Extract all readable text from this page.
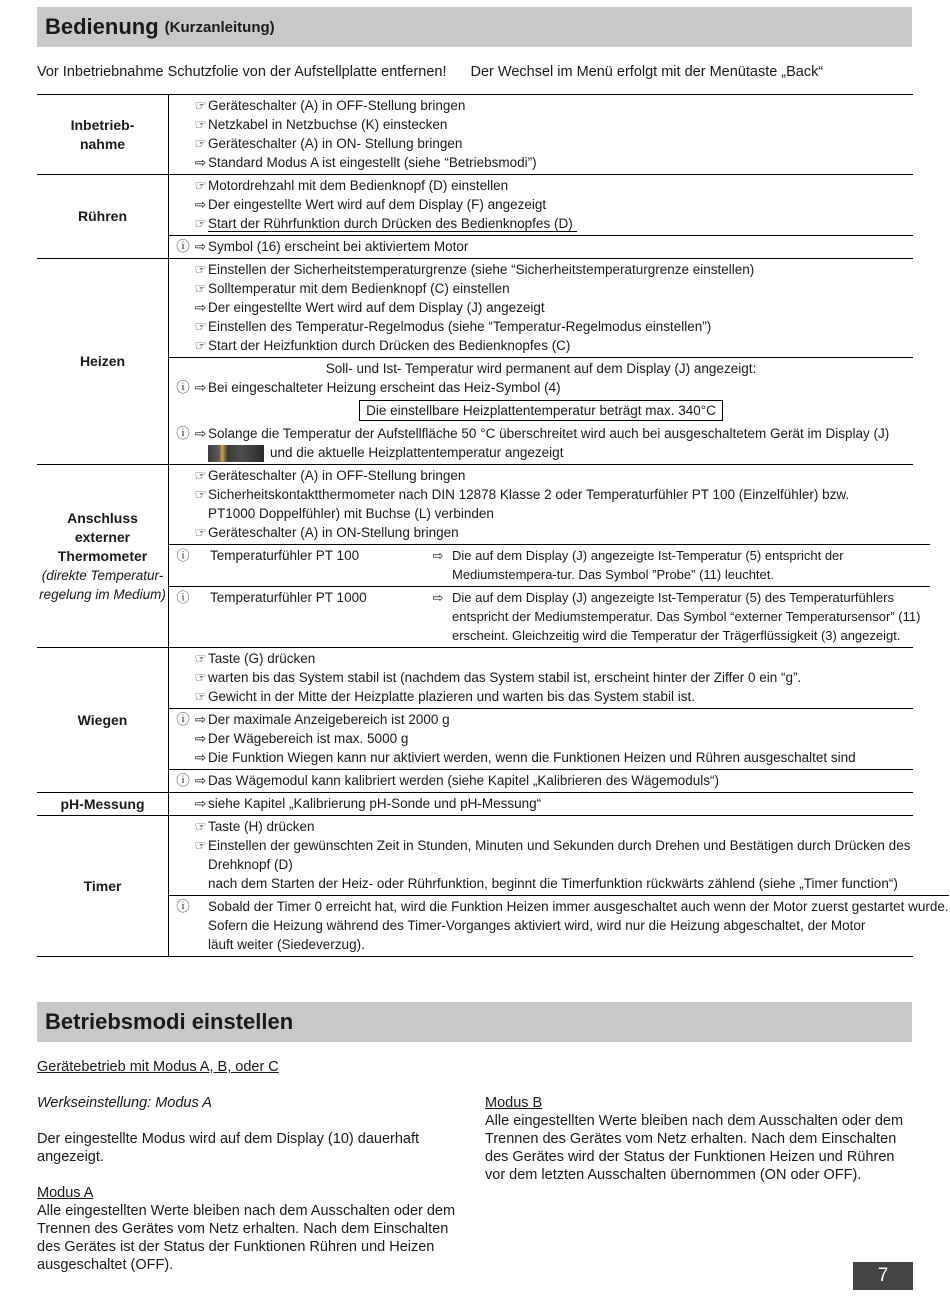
Bedienung (Kurzanleitung)
Vor Inbetriebnahme Schutzfolie von der Aufstellplatte entfernen! Der Wechsel im Menü erfolgt mit der Menütaste „Back“
Inbetrieb-
nahme
☞ Geräteschalter (A) in OFF-Stellung bringen
☞ Netzkabel in Netzbuchse (K) einstecken
☞ Geräteschalter (A) in ON- Stellung bringen
⇨ Standard Modus A ist eingestellt (siehe “Betriebsmodi”)
Rühren
☞ Motordrehzahl mit dem Bedienknopf (D) einstellen
⇨ Der eingestellte Wert wird auf dem Display (F) angezeigt
☞ Start der Rührfunktion durch Drücken des Bedienknopfes (D)
ⓘ ⇨ Symbol (16) erscheint bei aktiviertem Motor
Heizen
☞ Einstellen der Sicherheitstemperaturgrenze (siehe “Sicherheitstemperaturgrenze einstellen)
☞ Solltemperatur mit dem Bedienknopf (C) einstellen
⇨ Der eingestellte Wert wird auf dem Display (J) angezeigt
☞ Einstellen des Temperatur-Regelmodus (siehe “Temperatur-Regelmodus einstellen”)
☞ Start der Heizfunktion durch Drücken des Bedienknopfes (C)
Soll- und Ist- Temperatur wird permanent auf dem Display (J) angezeigt:
ⓘ ⇨ Bei eingeschalteter Heizung erscheint das Heiz-Symbol (4)
Die einstellbare Heizplattentemperatur beträgt max. 340°C
ⓘ ⇨ Solange die Temperatur der Aufstellfläche 50 °C überschreitet wird auch bei ausgeschaltetem Gerät im Display (J)
und die aktuelle Heizplattentemperatur angezeigt
Anschluss
externer
Thermometer
(direkte Temperatur-
regelung im Medium)
☞ Geräteschalter (A) in OFF-Stellung bringen
☞ Sicherheitskontaktthermometer nach DIN 12878 Klasse 2 oder Temperaturfühler PT 100 (Einzelfühler) bzw.
PT1000 Doppelfühler) mit Buchse (L) verbinden
☞ Geräteschalter (A) in ON-Stellung bringen
ⓘ Temperaturfühler PT 100	⇨ Die auf dem Display (J) angezeigte Ist-Temperatur (5) entspricht der Mediumstempera-tur. Das Symbol ”Probe” (11) leuchtet.
ⓘ Temperaturfühler PT 1000	⇨ Die auf dem Display (J) angezeigte Ist-Temperatur (5) des Temperaturfühlers entspricht der Mediumstemperatur. Das Symbol “externer Temperatursensor” (11) erscheint. Gleichzeitig wird die Temperatur der Trägerflüssigkeit (3) angezeigt.
Wiegen
☞ Taste (G) drücken
☞ warten bis das System stabil ist (nachdem das System stabil ist, erscheint hinter der Ziffer 0 ein “g”.
☞ Gewicht in der Mitte der Heizplatte plazieren und warten bis das System stabil ist.
ⓘ ⇨ Der maximale Anzeigebereich ist 2000 g
⇨ Der Wägebereich ist max. 5000 g
⇨ Die Funktion Wiegen kann nur aktiviert werden, wenn die Funktionen Heizen und Rühren ausgeschaltet sind
ⓘ ⇨ Das Wägemodul kann kalibriert werden (siehe Kapitel „Kalibrieren des Wägemoduls“)
pH-Messung	⇨ siehe Kapitel „Kalibrierung pH-Sonde und pH-Messung“
Timer
☞ Taste (H) drücken
☞ Einstellen der gewünschten Zeit in Stunden, Minuten und Sekunden durch Drehen und Bestätigen durch Drücken des
Drehknopf (D)
nach dem Starten der Heiz- oder Rührfunktion, beginnt die Timerfunktion rückwärts zählend (siehe „Timer function“)
ⓘ Sobald der Timer 0 erreicht hat, wird die Funktion Heizen immer ausgeschaltet auch wenn der Motor zuerst gestartet wurde.
Sofern die Heizung während des Timer-Vorganges aktiviert wird, wird nur die Heizung abgeschaltet, der Motor
läuft weiter (Siedeverzug).
Betriebsmodi einstellen

Gerätebetrieb mit Modus A, B, oder C

Werkseinstellung: Modus A

Der eingestellte Modus wird auf dem Display (10) dauerhaft angezeigt.

Modus A

Alle eingestellten Werte bleiben nach dem Ausschalten oder dem Trennen des Gerätes vom Netz erhalten. Nach dem Einschalten des Gerätes ist der Status der Funktionen Rühren und Heizen ausgeschaltet (OFF).

Modus B

Alle eingestellten Werte bleiben nach dem Ausschalten oder dem Trennen des Gerätes vom Netz erhalten. Nach dem Einschalten des Gerätes wird der Status der Funktionen Heizen und Rühren vor dem letzten Ausschalten übernommen (ON oder OFF).

7
